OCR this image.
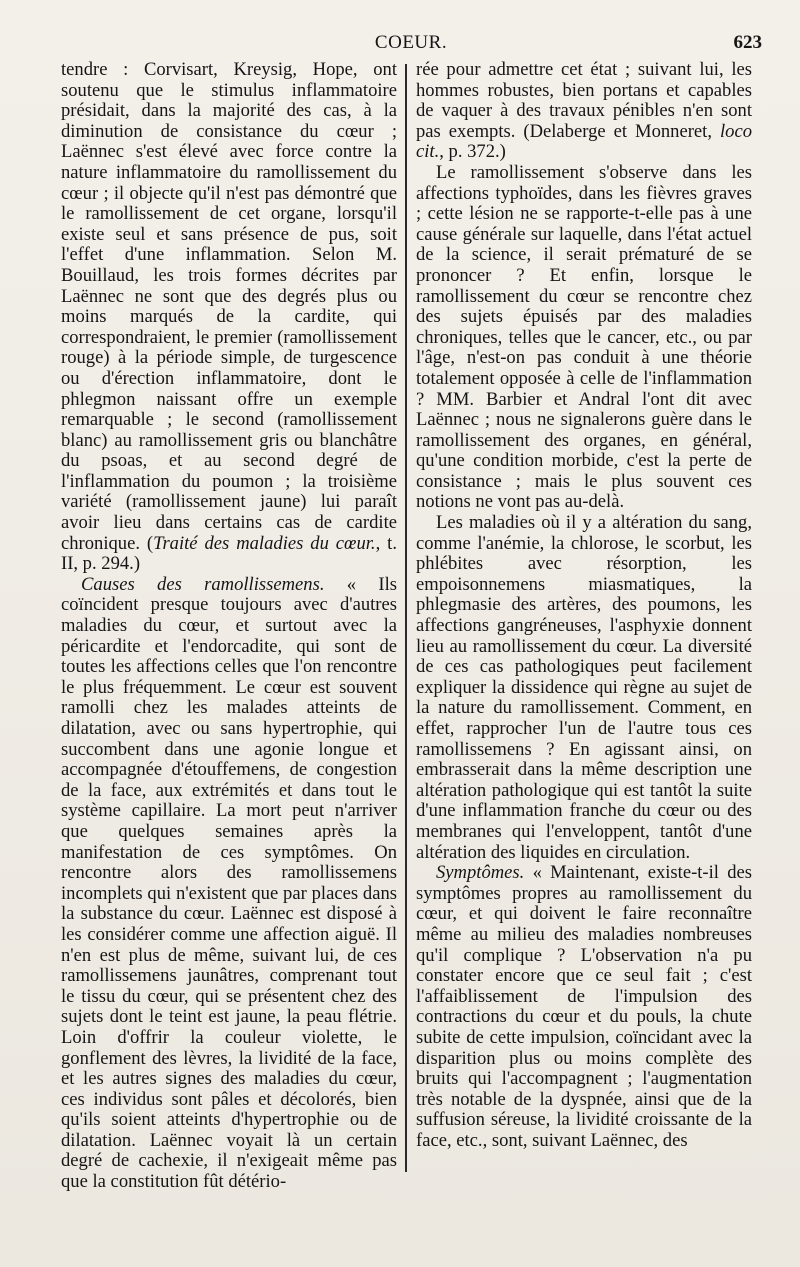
COEUR.	623

tendre : Corvisart, Kreysig, Hope, ont soutenu que le stimulus inflammatoire présidait, dans la majorité des cas, à la diminution de consistance du cœur ; Laënnec s'est élevé avec force contre la nature inflammatoire du ramollissement du cœur ; il objecte qu'il n'est pas démontré que le ramollissement de cet organe, lorsqu'il existe seul et sans présence de pus, soit l'effet d'une inflammation. Selon M. Bouillaud, les trois formes décrites par Laënnec ne sont que des degrés plus ou moins marqués de la cardite, qui correspondraient, le premier (ramollissement rouge) à la période simple, de turgescence ou d'érection inflammatoire, dont le phlegmon naissant offre un exemple remarquable ; le second (ramollissement blanc) au ramollissement gris ou blanchâtre du psoas, et au second degré de l'inflammation du poumon ; la troisième variété (ramollissement jaune) lui paraît avoir lieu dans certains cas de cardite chronique. (Traité des maladies du cœur., t. II, p. 294.)

Causes des ramollissemens. « Ils coïncident presque toujours avec d'autres maladies du cœur, et surtout avec la péricardite et l'endorcadite, qui sont de toutes les affections celles que l'on rencontre le plus fréquemment. Le cœur est souvent ramolli chez les malades atteints de dilatation, avec ou sans hypertrophie, qui succombent dans une agonie longue et accompagnée d'étouffemens, de congestion de la face, aux extrémités et dans tout le système capillaire. La mort peut n'arriver que quelques semaines après la manifestation de ces symptômes. On rencontre alors des ramollissemens incomplets qui n'existent que par places dans la substance du cœur. Laënnec est disposé à les considérer comme une affection aiguë. Il n'en est plus de même, suivant lui, de ces ramollissemens jaunâtres, comprenant tout le tissu du cœur, qui se présentent chez des sujets dont le teint est jaune, la peau flétrie. Loin d'offrir la couleur violette, le gonflement des lèvres, la lividité de la face, et les autres signes des maladies du cœur, ces individus sont pâles et décolorés, bien qu'ils soient atteints d'hypertrophie ou de dilatation. Laënnec voyait là un certain degré de cachexie, il n'exigeait même pas que la constitution fût détério-

rée pour admettre cet état ; suivant lui, les hommes robustes, bien portans et capables de vaquer à des travaux pénibles n'en sont pas exempts. (Delaberge et Monneret, loco cit., p. 372.)

Le ramollissement s'observe dans les affections typhoïdes, dans les fièvres graves ; cette lésion ne se rapporte-t-elle pas à une cause générale sur laquelle, dans l'état actuel de la science, il serait prématuré de se prononcer ? Et enfin, lorsque le ramollissement du cœur se rencontre chez des sujets épuisés par des maladies chroniques, telles que le cancer, etc., ou par l'âge, n'est-on pas conduit à une théorie totalement opposée à celle de l'inflammation ? MM. Barbier et Andral l'ont dit avec Laënnec ; nous ne signalerons guère dans le ramollissement des organes, en général, qu'une condition morbide, c'est la perte de consistance ; mais le plus souvent ces notions ne vont pas au-delà.

Les maladies où il y a altération du sang, comme l'anémie, la chlorose, le scorbut, les phlébites avec résorption, les empoisonnemens miasmatiques, la phlegmasie des artères, des poumons, les affections gangréneuses, l'asphyxie donnent lieu au ramollissement du cœur. La diversité de ces cas pathologiques peut facilement expliquer la dissidence qui règne au sujet de la nature du ramollissement. Comment, en effet, rapprocher l'un de l'autre tous ces ramollissemens ? En agissant ainsi, on embrasserait dans la même description une altération pathologique qui est tantôt la suite d'une inflammation franche du cœur ou des membranes qui l'enveloppent, tantôt d'une altération des liquides en circulation.

Symptômes. « Maintenant, existe-t-il des symptômes propres au ramollissement du cœur, et qui doivent le faire reconnaître même au milieu des maladies nombreuses qu'il complique ? L'observation n'a pu constater encore que ce seul fait ; c'est l'affaiblissement de l'impulsion des contractions du cœur et du pouls, la chute subite de cette impulsion, coïncidant avec la disparition plus ou moins complète des bruits qui l'accompagnent ; l'augmentation très notable de la dyspnée, ainsi que de la suffusion séreuse, la lividité croissante de la face, etc., sont, suivant Laënnec, des
